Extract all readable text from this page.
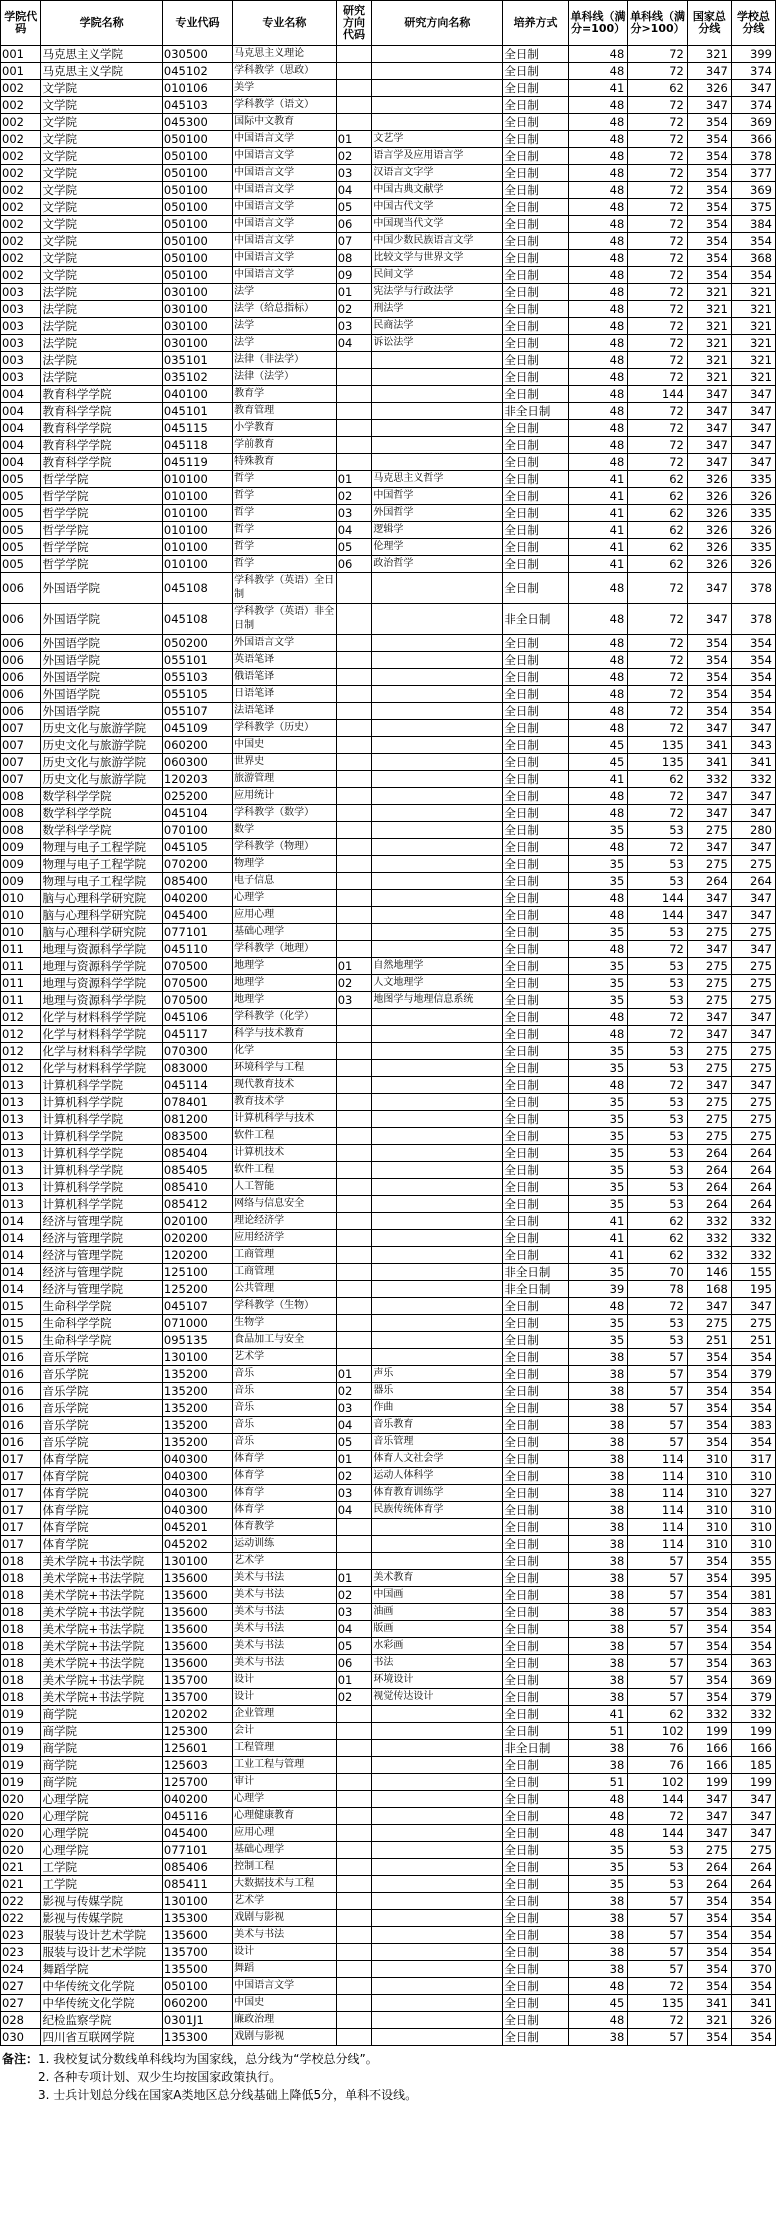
学院代码	学院名称	专业代码	专业名称	研究方向代码	研究方向名称	培养方式	单科线（满分=100）	单科线（满分>100）	国家总分线	学校总分线
001	马克思主义学院	030500	马克思主义理论			全日制	48	72	321	399
001	马克思主义学院	045102	学科教学（思政）			全日制	48	72	347	374
002	文学院	010106	美学			全日制	41	62	326	347
002	文学院	045103	学科教学（语文）			全日制	48	72	347	374
002	文学院	045300	国际中文教育			全日制	48	72	354	369
002	文学院	050100	中国语言文学	01	文艺学	全日制	48	72	354	366
002	文学院	050100	中国语言文学	02	语言学及应用语言学	全日制	48	72	354	378
002	文学院	050100	中国语言文学	03	汉语言文字学	全日制	48	72	354	377
002	文学院	050100	中国语言文学	04	中国古典文献学	全日制	48	72	354	369
002	文学院	050100	中国语言文学	05	中国古代文学	全日制	48	72	354	375
002	文学院	050100	中国语言文学	06	中国现当代文学	全日制	48	72	354	384
002	文学院	050100	中国语言文学	07	中国少数民族语言文学	全日制	48	72	354	354
002	文学院	050100	中国语言文学	08	比较文学与世界文学	全日制	48	72	354	368
002	文学院	050100	中国语言文学	09	民间文学	全日制	48	72	354	354
003	法学院	030100	法学	01	宪法学与行政法学	全日制	48	72	321	321
003	法学院	030100	法学（给总指标）	02	刑法学	全日制	48	72	321	321
003	法学院	030100	法学	03	民商法学	全日制	48	72	321	321
003	法学院	030100	法学	04	诉讼法学	全日制	48	72	321	321
003	法学院	035101	法律（非法学）			全日制	48	72	321	321
003	法学院	035102	法律（法学）			全日制	48	72	321	321
004	教育科学学院	040100	教育学			全日制	48	144	347	347
004	教育科学学院	045101	教育管理			非全日制	48	72	347	347
004	教育科学学院	045115	小学教育			全日制	48	72	347	347
004	教育科学学院	045118	学前教育			全日制	48	72	347	347
004	教育科学学院	045119	特殊教育			全日制	48	72	347	347
005	哲学学院	010100	哲学	01	马克思主义哲学	全日制	41	62	326	335
005	哲学学院	010100	哲学	02	中国哲学	全日制	41	62	326	326
005	哲学学院	010100	哲学	03	外国哲学	全日制	41	62	326	335
005	哲学学院	010100	哲学	04	逻辑学	全日制	41	62	326	326
005	哲学学院	010100	哲学	05	伦理学	全日制	41	62	326	335
005	哲学学院	010100	哲学	06	政治哲学	全日制	41	62	326	326
006	外国语学院	045108	学科教学（英语）全日制			全日制	48	72	347	378
006	外国语学院	045108	学科教学（英语）非全日制			非全日制	48	72	347	378
006	外国语学院	050200	外国语言文学			全日制	48	72	354	354
006	外国语学院	055101	英语笔译			全日制	48	72	354	354
006	外国语学院	055103	俄语笔译			全日制	48	72	354	354
006	外国语学院	055105	日语笔译			全日制	48	72	354	354
006	外国语学院	055107	法语笔译			全日制	48	72	354	354
007	历史文化与旅游学院	045109	学科教学（历史）			全日制	48	72	347	347
007	历史文化与旅游学院	060200	中国史			全日制	45	135	341	343
007	历史文化与旅游学院	060300	世界史			全日制	45	135	341	341
007	历史文化与旅游学院	120203	旅游管理			全日制	41	62	332	332
008	数学科学学院	025200	应用统计			全日制	48	72	347	347
008	数学科学学院	045104	学科教学（数学）			全日制	48	72	347	347
008	数学科学学院	070100	数学			全日制	35	53	275	280
009	物理与电子工程学院	045105	学科教学（物理）			全日制	48	72	347	347
009	物理与电子工程学院	070200	物理学			全日制	35	53	275	275
009	物理与电子工程学院	085400	电子信息			全日制	35	53	264	264
010	脑与心理科学研究院	040200	心理学			全日制	48	144	347	347
010	脑与心理科学研究院	045400	应用心理			全日制	48	144	347	347
010	脑与心理科学研究院	077101	基础心理学			全日制	35	53	275	275
011	地理与资源科学学院	045110	学科教学（地理）			全日制	48	72	347	347
011	地理与资源科学学院	070500	地理学	01	自然地理学	全日制	35	53	275	275
011	地理与资源科学学院	070500	地理学	02	人文地理学	全日制	35	53	275	275
011	地理与资源科学学院	070500	地理学	03	地图学与地理信息系统	全日制	35	53	275	275
012	化学与材料科学学院	045106	学科教学（化学）			全日制	48	72	347	347
012	化学与材料科学学院	045117	科学与技术教育			全日制	48	72	347	347
012	化学与材料科学学院	070300	化学			全日制	35	53	275	275
012	化学与材料科学学院	083000	环境科学与工程			全日制	35	53	275	275
013	计算机科学学院	045114	现代教育技术			全日制	48	72	347	347
013	计算机科学学院	078401	教育技术学			全日制	35	53	275	275
013	计算机科学学院	081200	计算机科学与技术			全日制	35	53	275	275
013	计算机科学学院	083500	软件工程			全日制	35	53	275	275
013	计算机科学学院	085404	计算机技术			全日制	35	53	264	264
013	计算机科学学院	085405	软件工程			全日制	35	53	264	264
013	计算机科学学院	085410	人工智能			全日制	35	53	264	264
013	计算机科学学院	085412	网络与信息安全			全日制	35	53	264	264
014	经济与管理学院	020100	理论经济学			全日制	41	62	332	332
014	经济与管理学院	020200	应用经济学			全日制	41	62	332	332
014	经济与管理学院	120200	工商管理			全日制	41	62	332	332
014	经济与管理学院	125100	工商管理			非全日制	35	70	146	155
014	经济与管理学院	125200	公共管理			非全日制	39	78	168	195
015	生命科学学院	045107	学科教学（生物）			全日制	48	72	347	347
015	生命科学学院	071000	生物学			全日制	35	53	275	275
015	生命科学学院	095135	食品加工与安全			全日制	35	53	251	251
016	音乐学院	130100	艺术学			全日制	38	57	354	354
016	音乐学院	135200	音乐	01	声乐	全日制	38	57	354	379
016	音乐学院	135200	音乐	02	器乐	全日制	38	57	354	354
016	音乐学院	135200	音乐	03	作曲	全日制	38	57	354	354
016	音乐学院	135200	音乐	04	音乐教育	全日制	38	57	354	383
016	音乐学院	135200	音乐	05	音乐管理	全日制	38	57	354	354
017	体育学院	040300	体育学	01	体育人文社会学	全日制	38	114	310	317
017	体育学院	040300	体育学	02	运动人体科学	全日制	38	114	310	310
017	体育学院	040300	体育学	03	体育教育训练学	全日制	38	114	310	327
017	体育学院	040300	体育学	04	民族传统体育学	全日制	38	114	310	310
017	体育学院	045201	体育教学			全日制	38	114	310	310
017	体育学院	045202	运动训练			全日制	38	114	310	310
018	美术学院+书法学院	130100	艺术学			全日制	38	57	354	355
018	美术学院+书法学院	135600	美术与书法	01	美术教育	全日制	38	57	354	395
018	美术学院+书法学院	135600	美术与书法	02	中国画	全日制	38	57	354	381
018	美术学院+书法学院	135600	美术与书法	03	油画	全日制	38	57	354	383
018	美术学院+书法学院	135600	美术与书法	04	版画	全日制	38	57	354	354
018	美术学院+书法学院	135600	美术与书法	05	水彩画	全日制	38	57	354	354
018	美术学院+书法学院	135600	美术与书法	06	书法	全日制	38	57	354	363
018	美术学院+书法学院	135700	设计	01	环境设计	全日制	38	57	354	369
018	美术学院+书法学院	135700	设计	02	视觉传达设计	全日制	38	57	354	379
019	商学院	120202	企业管理			全日制	41	62	332	332
019	商学院	125300	会计			全日制	51	102	199	199
019	商学院	125601	工程管理			非全日制	38	76	166	166
019	商学院	125603	工业工程与管理			全日制	38	76	166	185
019	商学院	125700	审计			全日制	51	102	199	199
020	心理学院	040200	心理学			全日制	48	144	347	347
020	心理学院	045116	心理健康教育			全日制	48	72	347	347
020	心理学院	045400	应用心理			全日制	48	144	347	347
020	心理学院	077101	基础心理学			全日制	35	53	275	275
021	工学院	085406	控制工程			全日制	35	53	264	264
021	工学院	085411	大数据技术与工程			全日制	35	53	264	264
022	影视与传媒学院	130100	艺术学			全日制	38	57	354	354
022	影视与传媒学院	135300	戏剧与影视			全日制	38	57	354	354
023	服装与设计艺术学院	135600	美术与书法			全日制	38	57	354	354
023	服装与设计艺术学院	135700	设计			全日制	38	57	354	354
024	舞蹈学院	135500	舞蹈			全日制	38	57	354	370
027	中华传统文化学院	050100	中国语言文学			全日制	48	72	354	354
027	中华传统文化学院	060200	中国史			全日制	45	135	341	341
028	纪检监察学院	0301J1	廉政治理			全日制	48	72	321	326
030	四川省互联网学院	135300	戏剧与影视			全日制	38	57	354	354
备注：1. 我校复试分数线单科线均为国家线，总分线为“学校总分线”。
2. 各种专项计划、双少生均按国家政策执行。
3. 士兵计划总分线在国家A类地区总分线基础上降低5分，单科不设线。
